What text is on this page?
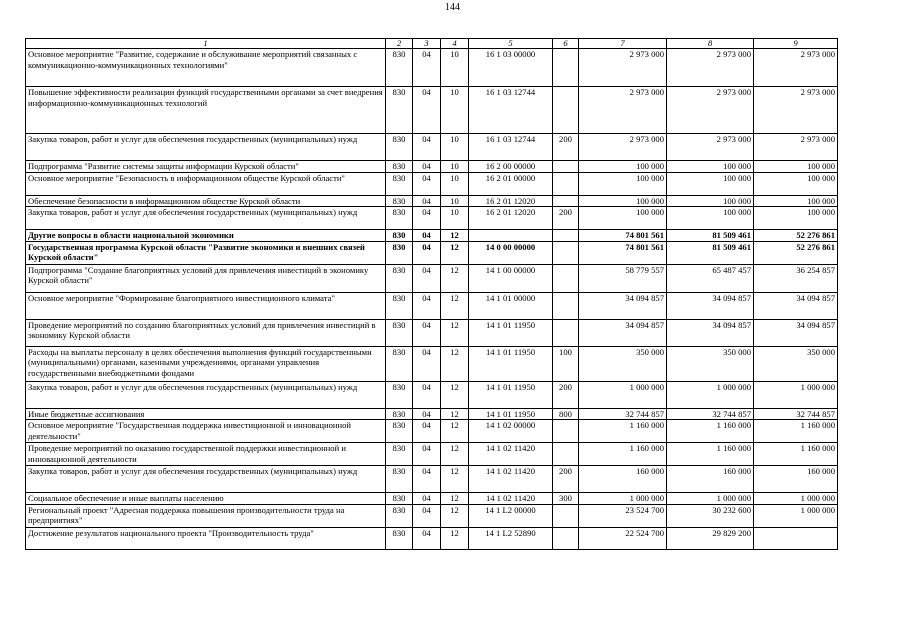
144
1	2	3	4	5	6	7	8	9
Основное мероприятие "Развитие, содержание и обслуживание мероприятий связанных с коммуникационно-коммуникационных технологиями"	830	04	10	16 1 03 00000		2 973 000	2 973 000	2 973 000
Повышение эффективности реализации функций государственными органами за счет внедрения информационно-коммуникационных технологий	830	04	10	16 1 03 12744		2 973 000	2 973 000	2 973 000
Закупка товаров, работ и услуг для обеспечения государственных (муниципальных) нужд	830	04	10	16 1 03 12744	200	2 973 000	2 973 000	2 973 000
Подпрограмма "Развитие системы защиты информации Курской области"	830	04	10	16 2 00 00000		100 000	100 000	100 000
Основное мероприятие "Безопасность в информационном обществе Курской области"	830	04	10	16 2 01 00000		100 000	100 000	100 000
Обеспечение безопасности в информационном обществе Курской области	830	04	10	16 2 01 12020		100 000	100 000	100 000
Закупка товаров, работ и услуг для обеспечения государственных (муниципальных) нужд	830	04	10	16 2 01 12020	200	100 000	100 000	100 000
Другие вопросы в области национальной экономики	830	04	12			74 801 561	81 509 461	52 276 861
Государственная программа Курской области "Развитие экономики и внешних связей Курской области"	830	04	12	14 0 00 00000		74 801 561	81 509 461	52 276 861
Подпрограмма "Создание благоприятных условий для привлечения инвестиций в экономику Курской области"	830	04	12	14 1 00 00000		58 779 557	65 487 457	36 254 857
Основное мероприятие "Формирование благоприятного инвестиционного климата"	830	04	12	14 1 01 00000		34 094 857	34 094 857	34 094 857
Проведение мероприятий по созданию благоприятных условий для привлечения инвестиций в экономику Курской области	830	04	12	14 1 01 11950		34 094 857	34 094 857	34 094 857
Расходы на выплаты персоналу в целях обеспечения выполнения функций государственными (муниципальными) органами, казенными учреждениями, органами управления государственными внебюджетными фондами	830	04	12	14 1 01 11950	100	350 000	350 000	350 000
Закупка товаров, работ и услуг для обеспечения государственных (муниципальных) нужд	830	04	12	14 1 01 11950	200	1 000 000	1 000 000	1 000 000
Иные бюджетные ассигнования	830	04	12	14 1 01 11950	800	32 744 857	32 744 857	32 744 857
Основное мероприятие "Государственная поддержка инвестиционной и инновационной деятельности"	830	04	12	14 1 02 00000		1 160 000	1 160 000	1 160 000
Проведение мероприятий по оказанию государственной поддержки инвестиционной и инновационной деятельности	830	04	12	14 1 02 11420		1 160 000	1 160 000	1 160 000
Закупка товаров, работ и услуг для обеспечения государственных (муниципальных) нужд	830	04	12	14 1 02 11420	200	160 000	160 000	160 000
Социальное обеспечение и иные выплаты населению	830	04	12	14 1 02 11420	300	1 000 000	1 000 000	1 000 000
Региональный проект "Адресная поддержка повышения производительности труда на предприятиях"	830	04	12	14 1 L2 00000		23 524 700	30 232 600	1 000 000
Достижение результатов национального проекта "Производительность труда"	830	04	12	14 1 L2 52890		22 524 700	29 829 200	
